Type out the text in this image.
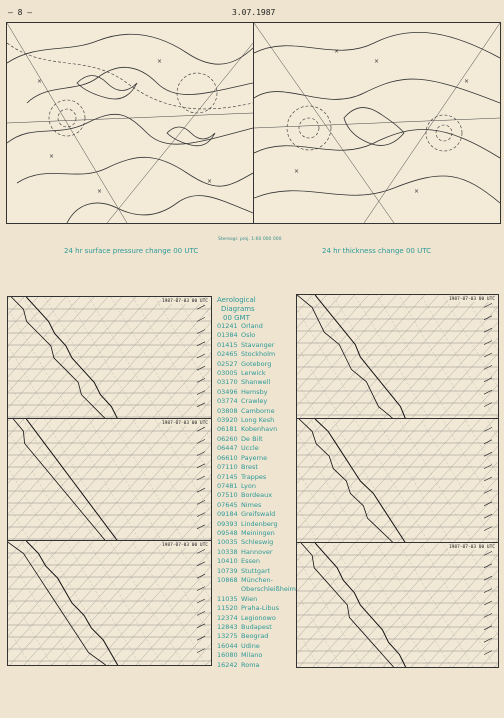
– 8 –	3.07.1987
×
×
×
×
×
×
×
×
×
×
Stereogr. proj. 1:60 000 000
24 hr surface pressure change 00 UTC	24 hr thickness change 00 UTC
1987-07-03 00 UTC
1987-07-03 00 UTC
1987-07-03 00 UTC
1987-07-03 00 UTC
1987-07-03 00 UTC
Aerological
Diagrams
00 GMT
01241 Orland
01384 Oslo
01415 Stavanger
02465 Stockholm
02527 Goteborg
03005 Lerwick
03170 Shanwell
03496 Hemsby
03774 Crawley
03808 Camborne
03920 Long Kesh
06181 Kobenhavn
06260 De Bilt
06447 Uccle
06610 Payerne
07110 Brest
07145 Trappes
07481 Lyon
07510 Bordeaux
07645 Nimes
09184 Greifswald
09393 Lindenberg
09548 Meiningen
10035 Schleswig
10338 Hannover
10410 Essen
10739 Stuttgart
10868 München-
Oberschleißheim
11035 Wien
11520 Praha-Libus
12374 Legionowo
12843 Budapest
13275 Beograd
16044 Udine
16080 Milano
16242 Roma
